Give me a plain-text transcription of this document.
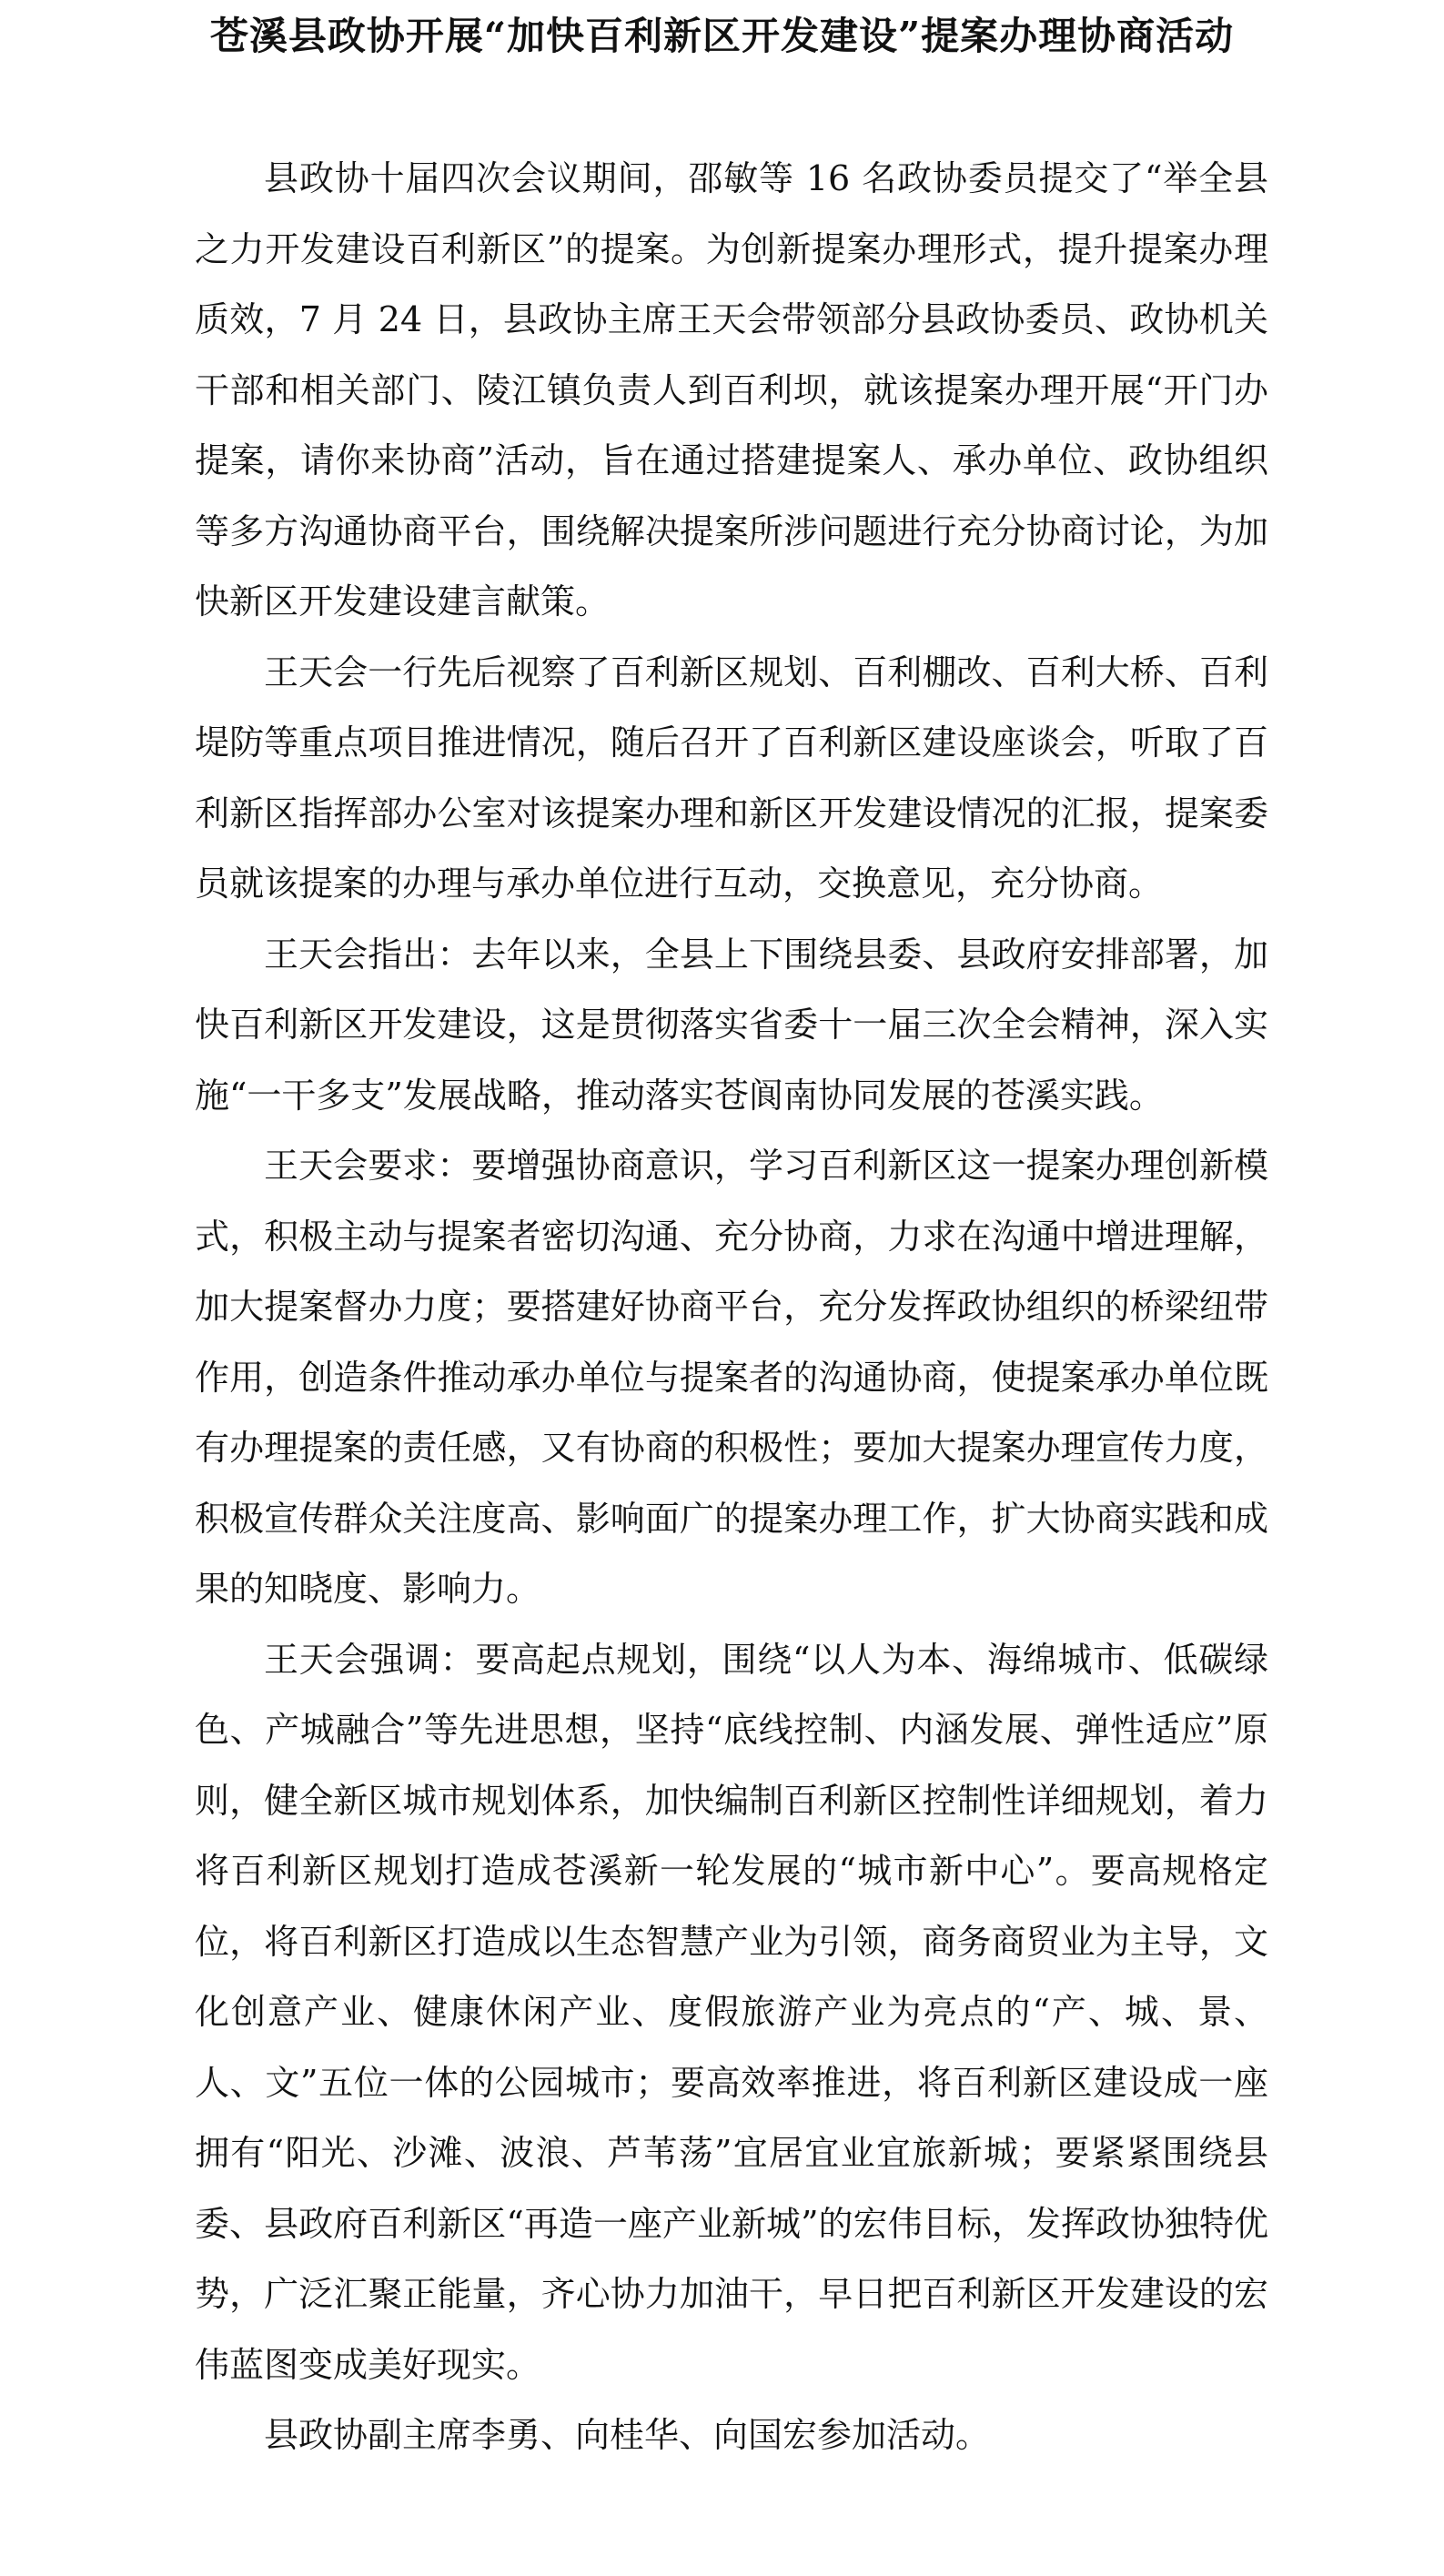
苍溪县政协开展“加快百利新区开发建设”提案办理协商活动

县政协十届四次会议期间，邵敏等 16 名政协委员提交了“举全县之力开发建设百利新区”的提案。为创新提案办理形式，提升提案办理质效，7 月 24 日，县政协主席王天会带领部分县政协委员、政协机关干部和相关部门、陵江镇负责人到百利坝，就该提案办理开展“开门办提案，请你来协商”活动，旨在通过搭建提案人、承办单位、政协组织等多方沟通协商平台，围绕解决提案所涉问题进行充分协商讨论，为加快新区开发建设建言献策。

王天会一行先后视察了百利新区规划、百利棚改、百利大桥、百利堤防等重点项目推进情况，随后召开了百利新区建设座谈会，听取了百利新区指挥部办公室对该提案办理和新区开发建设情况的汇报，提案委员就该提案的办理与承办单位进行互动，交换意见，充分协商。

王天会指出：去年以来，全县上下围绕县委、县政府安排部署，加快百利新区开发建设，这是贯彻落实省委十一届三次全会精神，深入实施“一干多支”发展战略，推动落实苍阆南协同发展的苍溪实践。

王天会要求：要增强协商意识，学习百利新区这一提案办理创新模式，积极主动与提案者密切沟通、充分协商，力求在沟通中增进理解，加大提案督办力度；要搭建好协商平台，充分发挥政协组织的桥梁纽带作用，创造条件推动承办单位与提案者的沟通协商，使提案承办单位既有办理提案的责任感，又有协商的积极性；要加大提案办理宣传力度，积极宣传群众关注度高、影响面广的提案办理工作，扩大协商实践和成果的知晓度、影响力。

王天会强调：要高起点规划，围绕“以人为本、海绵城市、低碳绿色、产城融合”等先进思想，坚持“底线控制、内涵发展、弹性适应”原则，健全新区城市规划体系，加快编制百利新区控制性详细规划，着力将百利新区规划打造成苍溪新一轮发展的“城市新中心”。要高规格定位，将百利新区打造成以生态智慧产业为引领，商务商贸业为主导，文化创意产业、健康休闲产业、度假旅游产业为亮点的“产、城、景、人、文”五位一体的公园城市；要高效率推进，将百利新区建设成一座拥有“阳光、沙滩、波浪、芦苇荡”宜居宜业宜旅新城；要紧紧围绕县委、县政府百利新区“再造一座产业新城”的宏伟目标，发挥政协独特优势，广泛汇聚正能量，齐心协力加油干，早日把百利新区开发建设的宏伟蓝图变成美好现实。

县政协副主席李勇、向桂华、向国宏参加活动。
